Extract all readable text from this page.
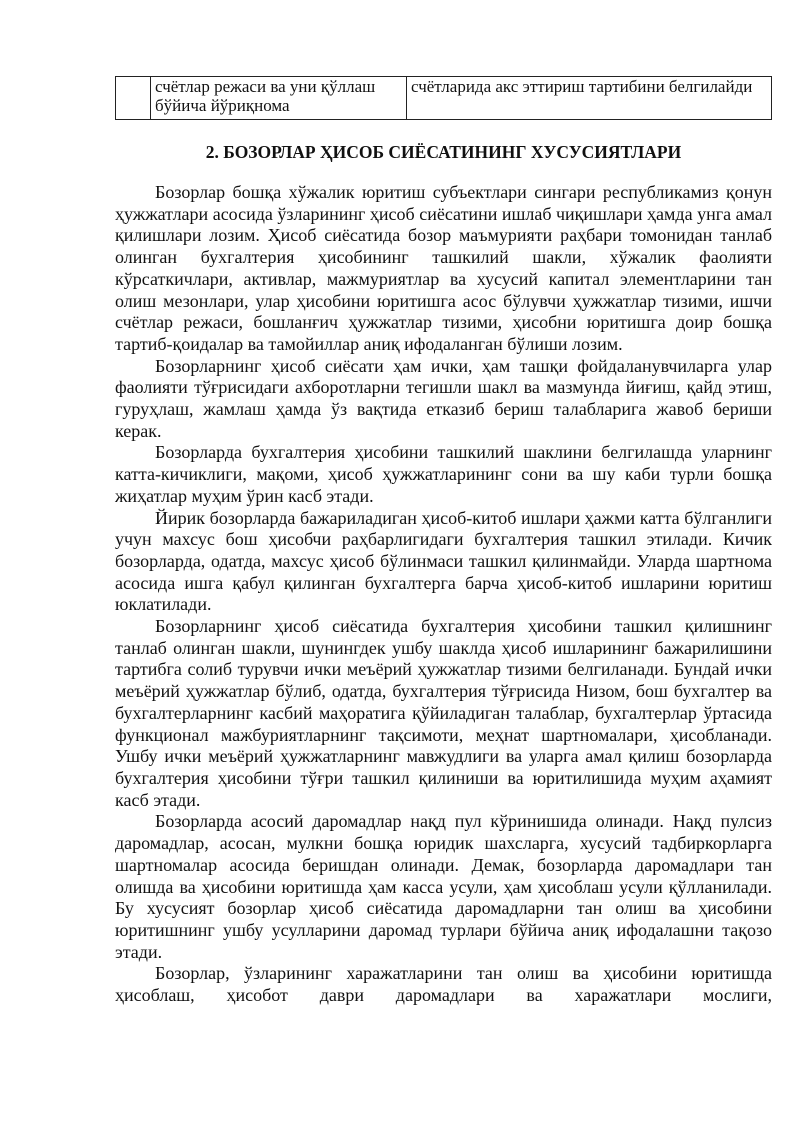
	счётлар режаси ва уни қўллаш бўйича йўриқнома	счётларида акс эттириш тартибини белгилайди

2. БОЗОРЛАР ҲИСОБ СИЁСАТИНИНГ ХУСУСИЯТЛАРИ

Бозорлар бошқа хўжалик юритиш субъектлари сингари республикамиз қонун ҳужжатлари асосида ўзларининг ҳисоб сиёсатини ишлаб чиқишлари ҳамда унга амал қилишлари лозим. Ҳисоб сиёсатида бозор маъмурияти раҳбари томонидан танлаб олинган бухгалтерия ҳисобининг ташкилий шакли, хўжалик фаолияти кўрсаткичлари, активлар, мажмуриятлар ва хусусий капитал элементларини тан олиш мезонлари, улар ҳисобини юритишга асос бўлувчи ҳужжатлар тизими, ишчи счётлар режаси, бошланғич ҳужжатлар тизими, ҳисобни юритишга доир бошқа тартиб-қоидалар ва тамойиллар аниқ ифодаланган бўлиши лозим.

Бозорларнинг ҳисоб сиёсати ҳам ички, ҳам ташқи фойдаланувчиларга улар фаолияти тўғрисидаги ахборотларни тегишли шакл ва мазмунда йиғиш, қайд этиш, гуруҳлаш, жамлаш ҳамда ўз вақтида етказиб бериш талабларига жавоб бериши керак.

Бозорларда бухгалтерия ҳисобини ташкилий шаклини белгилашда уларнинг катта-кичиклиги, мақоми, ҳисоб ҳужжатларининг сони ва шу каби турли бошқа жиҳатлар муҳим ўрин касб этади.

Йирик бозорларда бажариладиган ҳисоб-китоб ишлари ҳажми катта бўлганлиги учун махсус бош ҳисобчи раҳбарлигидаги бухгалтерия ташкил этилади. Кичик бозорларда, одатда, махсус ҳисоб бўлинмаси ташкил қилинмайди. Уларда шартнома асосида ишга қабул қилинган бухгалтерга барча ҳисоб-китоб ишларини юритиш юклатилади.

Бозорларнинг ҳисоб сиёсатида бухгалтерия ҳисобини ташкил қилишнинг танлаб олинган шакли, шунингдек ушбу шаклда ҳисоб ишларининг бажарилишини тартибга солиб турувчи ички меъёрий ҳужжатлар тизими белгиланади. Бундай ички меъёрий ҳужжатлар бўлиб, одатда, бухгалтерия тўғрисида Низом, бош бухгалтер ва бухгалтерларнинг касбий маҳоратига қўйиладиган талаблар, бухгалтерлар ўртасида функционал мажбуриятларнинг тақсимоти, меҳнат шартномалари, ҳисобланади. Ушбу ички меъёрий ҳужжатларнинг мавжудлиги ва уларга амал қилиш бозорларда бухгалтерия ҳисобини тўғри ташкил қилиниши ва юритилишида муҳим аҳамият касб этади.

Бозорларда асосий даромадлар нақд пул кўринишида олинади. Нақд пулсиз даромадлар, асосан, мулкни бошқа юридик шахсларга, хусусий тадбиркорларга шартномалар асосида беришдан олинади. Демак, бозорларда даромадлари тан олишда ва ҳисобини юритишда ҳам касса усули, ҳам ҳисоблаш усули қўлланилади. Бу хусусият бозорлар ҳисоб сиёсатида даромадларни тан олиш ва ҳисобини юритишнинг ушбу усулларини даромад турлари бўйича аниқ ифодалашни тақозо этади.

Бозорлар, ўзларининг харажатларини тан олиш ва ҳисобини юритишда ҳисоблаш, ҳисобот даври даромадлари ва харажатлари мослиги,
